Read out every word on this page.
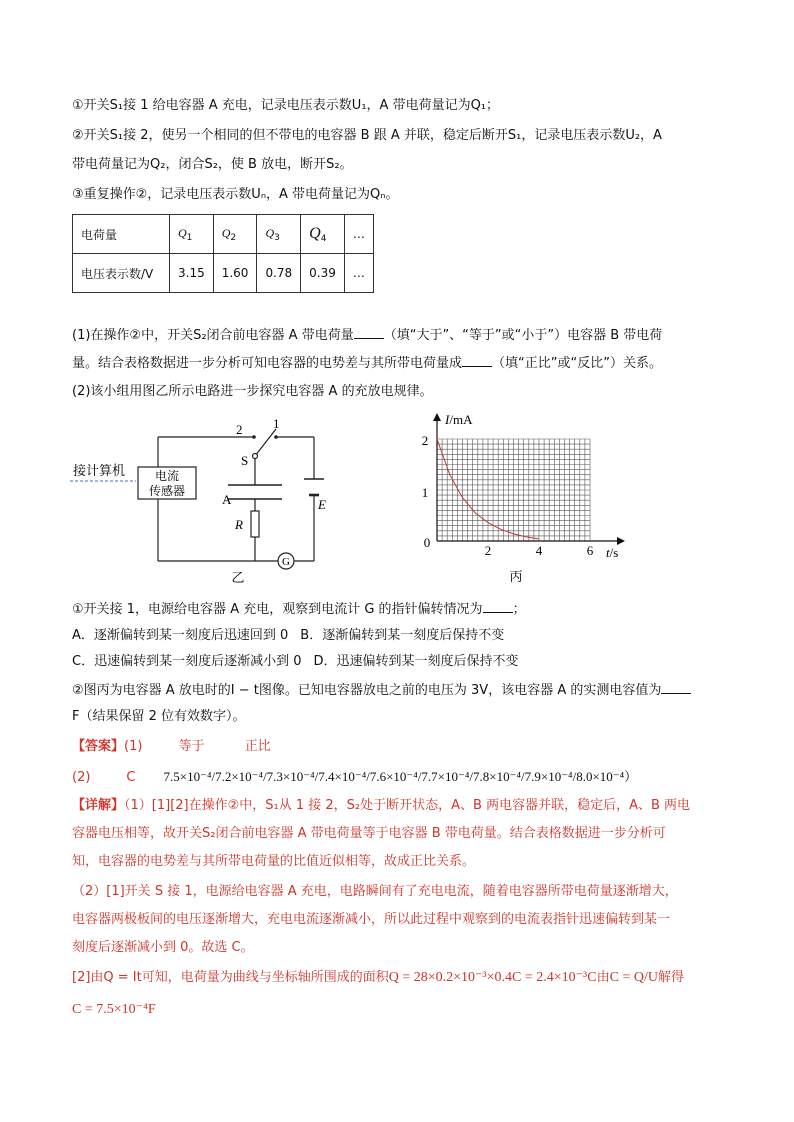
①开关S₁接 1 给电容器 A 充电，记录电压表示数U₁，A 带电荷量记为Q₁；
②开关S₁接 2，使另一个相同的但不带电的电容器 B 跟 A 并联，稳定后断开S₁，记录电压表示数U₂，A
带电荷量记为Q₂，闭合S₂，使 B 放电，断开S₂。
③重复操作②，记录电压表示数Uₙ，A 带电荷量记为Qₙ。
电荷量	$Q_1$	$Q_2$	$Q_3$	$Q_4$	…
电压表示数/V	3.15	1.60	0.78	0.39	…
(1)在操作②中，开关S₂闭合前电容器 A 带电荷量 （填“大于”、“等于”或“小于”）电容器 B 带电荷
量。结合表格数据进一步分析可知电容器的电势差与其所带电荷量成 （填“正比”或“反比”）关系。
(2)该小组用图乙所示电路进一步探究电容器 A 的充放电规律。
接计算机 电流
传感器
2 1
S
A
R
E
G
乙
I/mA
t/s
2
1
0
2	4	6
丙
①开关接 1，电源给电容器 A 充电，观察到电流计 G 的指针偏转情况为 ；
A．逐渐偏转到某一刻度后迅速回到 0 B．逐渐偏转到某一刻度后保持不变
C．迅速偏转到某一刻度后逐渐减小到 0 D．迅速偏转到某一刻度后保持不变
②图丙为电容器 A 放电时的I − t图像。已知电容器放电之前的电压为 3V，该电容器 A 的实测电容值为
F（结果保留 2 位有效数字）。
【答案】(1)	等于	正比
(2)	C 7.5×10⁻⁴/7.2×10⁻⁴/7.3×10⁻⁴/7.4×10⁻⁴/7.6×10⁻⁴/7.7×10⁻⁴/7.8×10⁻⁴/7.9×10⁻⁴/8.0×10⁻⁴）
【详解】（1）[1][2]在操作②中，S₁从 1 接 2，S₂处于断开状态，A、B 两电容器并联，稳定后，A、B 两电
容器电压相等，故开关S₂闭合前电容器 A 带电荷量等于电容器 B 带电荷量。结合表格数据进一步分析可
知，电容器的电势差与其所带电荷量的比值近似相等，故成正比关系。
（2）[1]开关 S 接 1，电源给电容器 A 充电，电路瞬间有了充电电流，随着电容器所带电荷量逐渐增大，
电容器两极板间的电压逐渐增大，充电电流逐渐减小，所以此过程中观察到的电流表指针迅速偏转到某一
刻度后逐渐减小到 0。故选 C。
[2]由Q = It可知，电荷量为曲线与坐标轴所围成的面积Q = 28×0.2×10⁻³×0.4C = 2.4×10⁻³C由C = Q/U解得
C = 7.5×10⁻⁴F
